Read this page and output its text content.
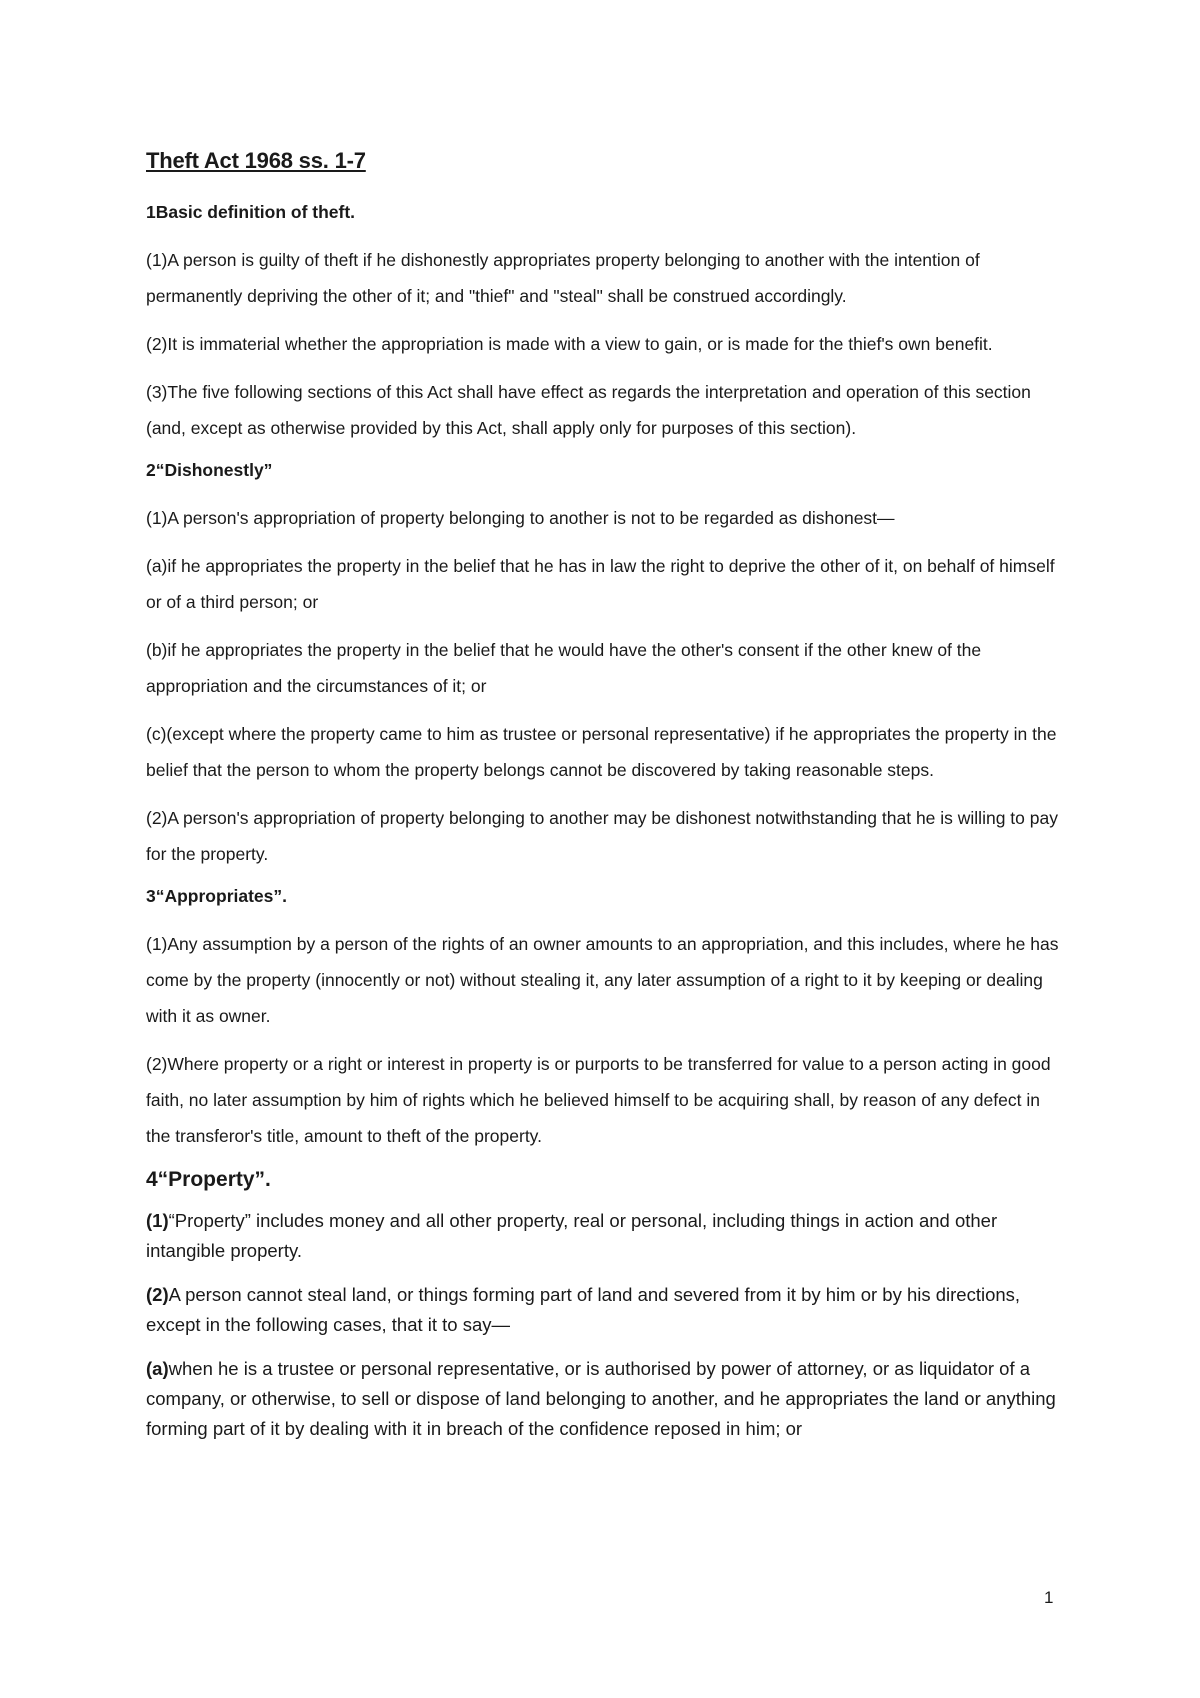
Theft Act 1968 ss. 1-7
1Basic definition of theft.

(1)A person is guilty of theft if he dishonestly appropriates property belonging to another with the intention of permanently depriving the other of it; and "thief" and "steal" shall be construed accordingly.

(2)It is immaterial whether the appropriation is made with a view to gain, or is made for the thief's own benefit.

(3)The five following sections of this Act shall have effect as regards the interpretation and operation of this section (and, except as otherwise provided by this Act, shall apply only for purposes of this section).

2“Dishonestly”

(1)A person's appropriation of property belonging to another is not to be regarded as dishonest—

(a)if he appropriates the property in the belief that he has in law the right to deprive the other of it, on behalf of himself or of a third person; or

(b)if he appropriates the property in the belief that he would have the other's consent if the other knew of the appropriation and the circumstances of it; or

(c)(except where the property came to him as trustee or personal representative) if he appropriates the property in the belief that the person to whom the property belongs cannot be discovered by taking reasonable steps.

(2)A person's appropriation of property belonging to another may be dishonest notwithstanding that he is willing to pay for the property.

3“Appropriates”.

(1)Any assumption by a person of the rights of an owner amounts to an appropriation, and this includes, where he has come by the property (innocently or not) without stealing it, any later assumption of a right to it by keeping or dealing with it as owner.

(2)Where property or a right or interest in property is or purports to be transferred for value to a person acting in good faith, no later assumption by him of rights which he believed himself to be acquiring shall, by reason of any defect in the transferor's title, amount to theft of the property.

4“Property”.

(1)“Property” includes money and all other property, real or personal, including things in action and other intangible property.

(2)A person cannot steal land, or things forming part of land and severed from it by him or by his directions, except in the following cases, that it to say—

(a)when he is a trustee or personal representative, or is authorised by power of attorney, or as liquidator of a company, or otherwise, to sell or dispose of land belonging to another, and he appropriates the land or anything forming part of it by dealing with it in breach of the confidence reposed in him; or

1
